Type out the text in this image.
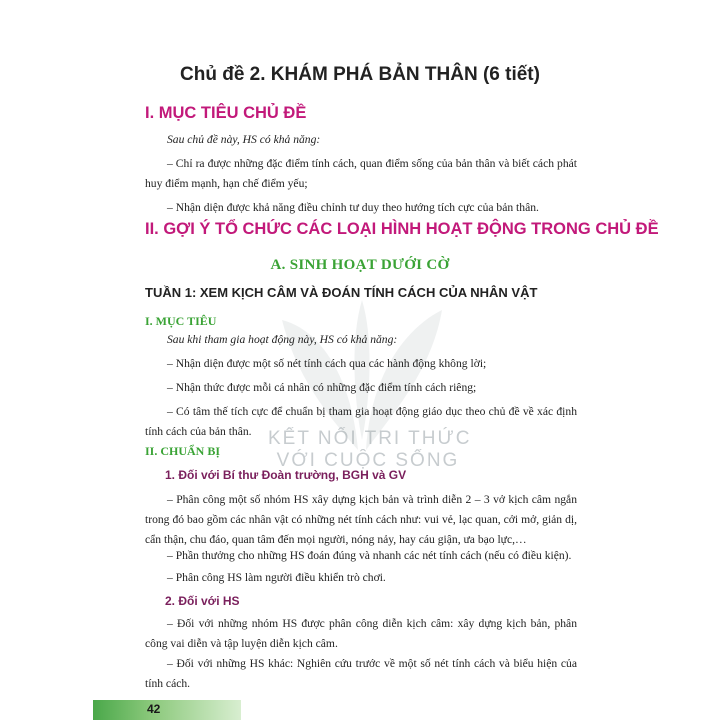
KẾT NỐI TRI THỨC
VỚI CUỘC SỐNG
Chủ đề 2. KHÁM PHÁ BẢN THÂN (6 tiết)
I. MỤC TIÊU CHỦ ĐỀ
Sau chủ đề này, HS có khả năng:
– Chỉ ra được những đặc điểm tính cách, quan điểm sống của bản thân và biết cách phát huy điểm mạnh, hạn chế điểm yếu;
– Nhận diện được khả năng điều chỉnh tư duy theo hướng tích cực của bản thân.
II. GỢI Ý TỔ CHỨC CÁC LOẠI HÌNH HOẠT ĐỘNG TRONG CHỦ ĐỀ
A. SINH HOẠT DƯỚI CỜ
TUẦN 1: XEM KỊCH CÂM VÀ ĐOÁN TÍNH CÁCH CỦA NHÂN VẬT
I. MỤC TIÊU
Sau khi tham gia hoạt động này, HS có khả năng:
– Nhận diện được một số nét tính cách qua các hành động không lời;
– Nhận thức được mỗi cá nhân có những đặc điểm tính cách riêng;
– Có tâm thế tích cực để chuẩn bị tham gia hoạt động giáo dục theo chủ đề về xác định tính cách của bản thân.
II. CHUẨN BỊ
1. Đối với Bí thư Đoàn trường, BGH và GV
– Phân công một số nhóm HS xây dựng kịch bản và trình diễn 2 – 3 vở kịch câm ngắn trong đó bao gồm các nhân vật có những nét tính cách như: vui vẻ, lạc quan, cởi mở, giản dị, cẩn thận, chu đáo, quan tâm đến mọi người, nóng nảy, hay cáu giận, ưa bạo lực,…
– Phần thưởng cho những HS đoán đúng và nhanh các nét tính cách (nếu có điều kiện).
– Phân công HS làm người điều khiển trò chơi.
2. Đối với HS
– Đối với những nhóm HS được phân công diễn kịch câm: xây dựng kịch bản, phân công vai diễn và tập luyện diễn kịch câm.
– Đối với những HS khác: Nghiên cứu trước về một số nét tính cách và biểu hiện của tính cách.
42
